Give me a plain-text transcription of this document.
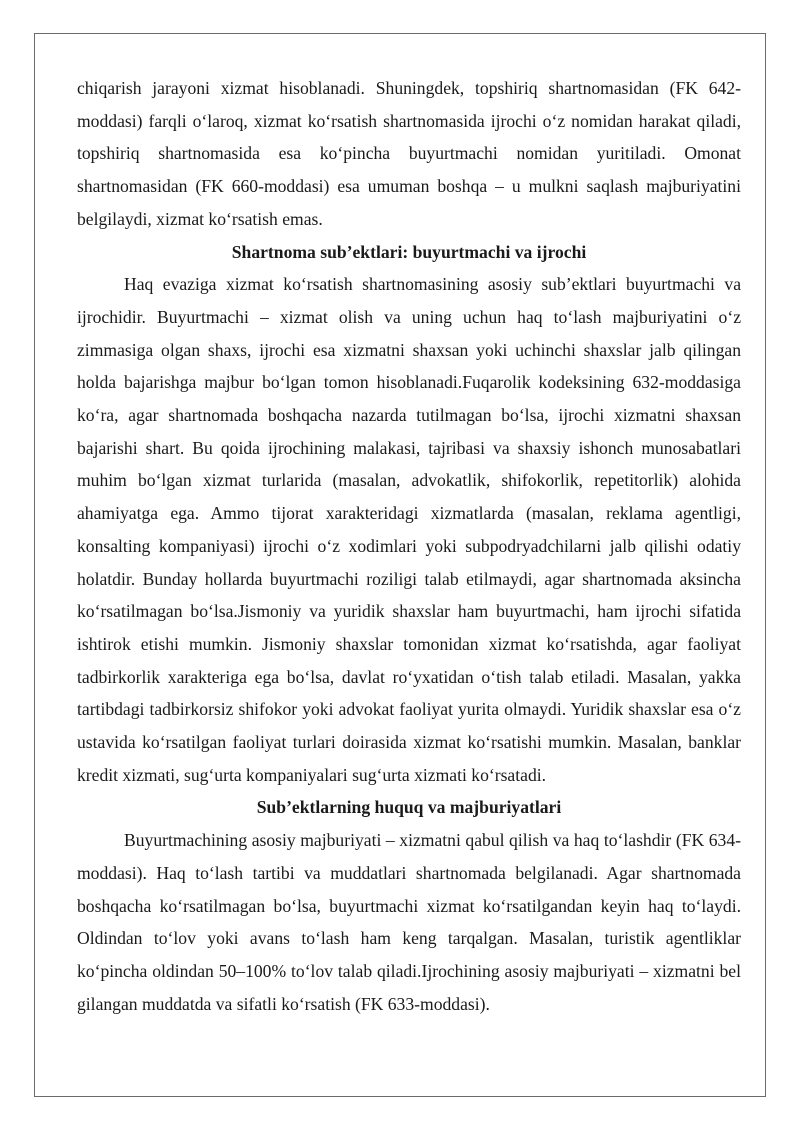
chiqarish jarayoni xizmat hisoblanadi. Shuningdek, topshiriq shartnomasidan (FK 642-moddasi) farqli oʻlaroq, xizmat koʻrsatish shartnomasida ijrochi oʻz nomidan harakat qiladi, topshiriq shartnomasida esa koʻpincha buyurtmachi nomidan yuritiladi. Omonat shartnomasidan (FK 660-moddasi) esa umuman boshqa – u mulkni saqlash majburiyatini belgilaydi, xizmat koʻrsatish emas.

Shartnoma sub’ektlari: buyurtmachi va ijrochi

Haq evaziga xizmat koʻrsatish shartnomasining asosiy sub’ektlari buyurtmachi va ijrochidir. Buyurtmachi – xizmat olish va uning uchun haq toʻlash majburiyatini oʻz zimmasiga olgan shaxs, ijrochi esa xizmatni shaxsan yoki uchinchi shaxslar jalb qilingan holda bajarishga majbur boʻlgan tomon hisoblanadi.Fuqarolik kodeksining 632-moddasiga koʻra, agar shartnomada boshqacha nazarda tutilmagan boʻlsa, ijrochi xizmatni shaxsan bajarishi shart. Bu qoida ijrochining malakasi, tajribasi va shaxsiy ishonch munosabatlari muhim boʻlgan xizmat turlarida (masalan, advokatlik, shifokorlik, repetitorlik) alohida ahamiyatga ega. Ammo tijorat xarakteridagi xizmatlarda (masalan, reklama agentligi, konsalting kompaniyasi) ijrochi oʻz xodimlari yoki subpodryadchilarni jalb qilishi odatiy holatdir. Bunday hollarda buyurtmachi roziligi talab etilmaydi, agar shartnomada aksincha koʻrsatilmagan boʻlsa.Jismoniy va yuridik shaxslar ham buyurtmachi, ham ijrochi sifatida ishtirok etishi mumkin. Jismoniy shaxslar tomonidan xizmat koʻrsatishda, agar faoliyat tadbirkorlik xarakteriga ega boʻlsa, davlat roʻyxatidan oʻtish talab etiladi. Masalan, yakka tartibdagi tadbirkorsiz shifokor yoki advokat faoliyat yurita olmaydi. Yuridik shaxslar esa oʻz ustavida koʻrsatilgan faoliyat turlari doirasida xizmat koʻrsatishi mumkin. Masalan, banklar kredit xizmati, sugʻurta kompaniyalari sugʻurta xizmati koʻrsatadi.

Sub’ektlarning huquq va majburiyatlari

Buyurtmachining asosiy majburiyati – xizmatni qabul qilish va haq toʻlashdir (FK 634-moddasi). Haq toʻlash tartibi va muddatlari shartnomada belgilanadi. Agar shartnomada boshqacha koʻrsatilmagan boʻlsa, buyurtmachi xizmat koʻrsatilgandan keyin haq toʻlaydi. Oldindan toʻlov yoki avans toʻlash ham keng tarqalgan. Masalan, turistik agentliklar koʻpincha oldindan 50–100% toʻlov talab qiladi.Ijrochining asosiy majburiyati – xizmatni bel gilangan muddatda va sifatli koʻrsatish (FK 633-moddasi).
